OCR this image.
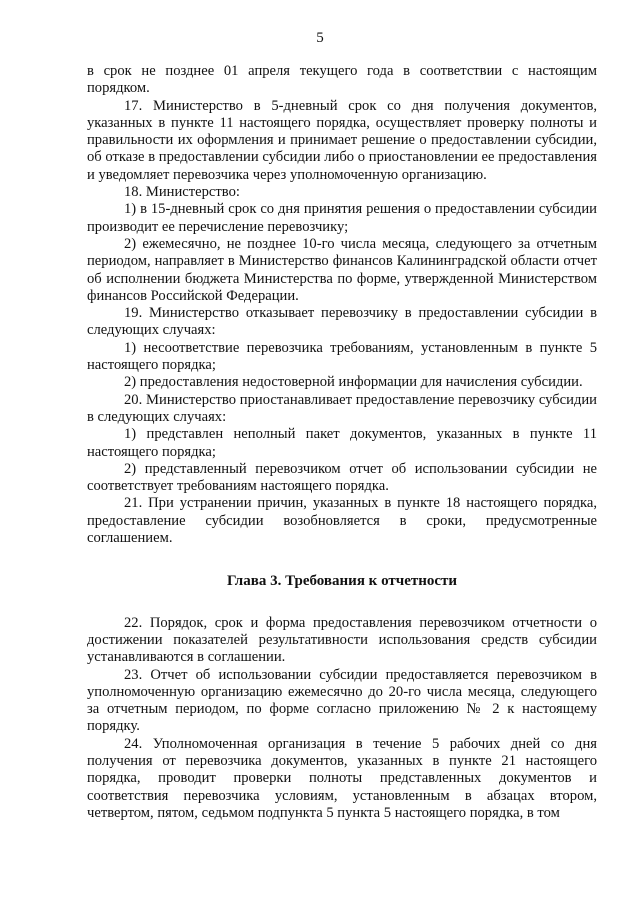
5

в срок не позднее 01 апреля текущего года в соответствии с настоящим порядком.

17. Министерство в 5-дневный срок со дня получения документов, указанных в пункте 11 настоящего порядка, осуществляет проверку полноты и правильности их оформления и принимает решение о предоставлении субсидии, об отказе в предоставлении субсидии либо о приостановлении ее предоставления и уведомляет перевозчика через уполномоченную организацию.

18. Министерство:

1) в 15-дневный срок со дня принятия решения о предоставлении субсидии производит ее перечисление перевозчику;

2) ежемесячно, не позднее 10-го числа месяца, следующего за отчетным периодом, направляет в Министерство финансов Калининградской области отчет об исполнении бюджета Министерства по форме, утвержденной Министерством финансов Российской Федерации.

19. Министерство отказывает перевозчику в предоставлении субсидии в следующих случаях:

1) несоответствие перевозчика требованиям, установленным в пункте 5 настоящего порядка;

2) предоставления недостоверной информации для начисления субсидии.

20. Министерство приостанавливает предоставление перевозчику субсидии в следующих случаях:

1) представлен неполный пакет документов, указанных в пункте 11 настоящего порядка;

2) представленный перевозчиком отчет об использовании субсидии не соответствует требованиям настоящего порядка.

21. При устранении причин, указанных в пункте 18 настоящего порядка, предоставление субсидии возобновляется в сроки, предусмотренные соглашением.

Глава 3. Требования к отчетности

22. Порядок, срок и форма предоставления перевозчиком отчетности о достижении показателей результативности использования средств субсидии устанавливаются в соглашении.

23. Отчет об использовании субсидии предоставляется перевозчиком в уполномоченную организацию ежемесячно до 20-го числа месяца, следующего за отчетным периодом, по форме согласно приложению № 2 к настоящему порядку.

24. Уполномоченная организация в течение 5 рабочих дней со дня получения от перевозчика документов, указанных в пункте 21 настоящего порядка, проводит проверки полноты представленных документов и соответствия перевозчика условиям, установленным в абзацах втором, четвертом, пятом, седьмом подпункта 5 пункта 5 настоящего порядка, в том
